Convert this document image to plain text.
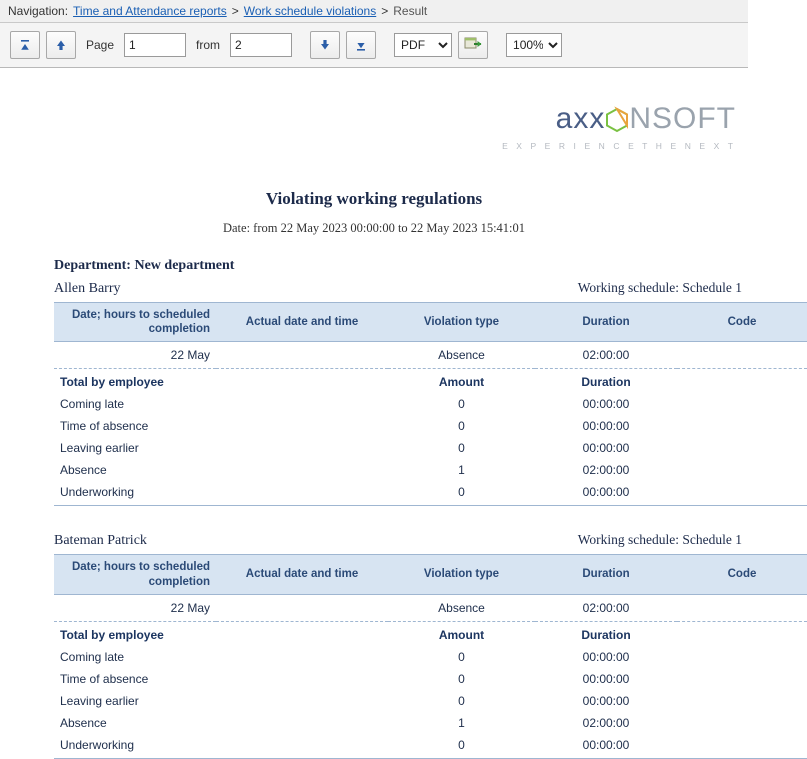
Navigation: Time and Attendance reports > Work schedule violations > Result
Page
1	from
2
PDF
100%
axx NSOFT
E X P E R I E N C E T H E N E X T
Violating working regulations
Date: from 22 May 2023 00:00:00 to 22 May 2023 15:41:01
Department: New department
Allen Barry	Working schedule: Schedule 1
Date; hours to scheduled completion	Actual date and time	Violation type	Duration	Code
22 May		Absence	02:00:00	
Total by employee		Amount	Duration	
Coming late		0	00:00:00	
Time of absence		0	00:00:00	
Leaving earlier		0	00:00:00	
Absence		1	02:00:00	
Underworking		0	00:00:00	
Bateman Patrick	Working schedule: Schedule 1
Date; hours to scheduled completion	Actual date and time	Violation type	Duration	Code
22 May		Absence	02:00:00	
Total by employee		Amount	Duration	
Coming late		0	00:00:00	
Time of absence		0	00:00:00	
Leaving earlier		0	00:00:00	
Absence		1	02:00:00	
Underworking		0	00:00:00	
